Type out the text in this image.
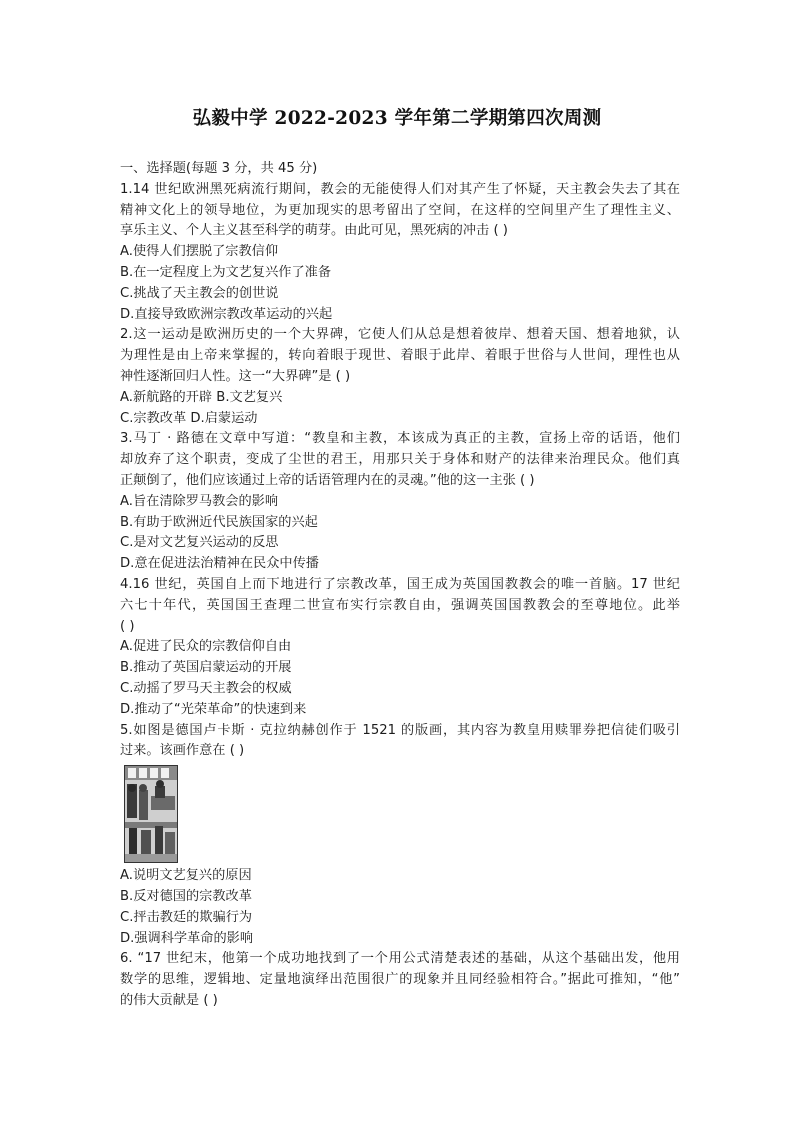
弘毅中学 2022-2023 学年第二学期第四次周测
一、选择题(每题 3 分，共 45 分)
1.14 世纪欧洲黑死病流行期间，教会的无能使得人们对其产生了怀疑，天主教会失去了其在
精神文化上的领导地位，为更加现实的思考留出了空间，在这样的空间里产生了理性主义、
享乐主义、个人主义甚至科学的萌芽。由此可见，黑死病的冲击 ( )
A.使得人们摆脱了宗教信仰
B.在一定程度上为文艺复兴作了准备
C.挑战了天主教会的创世说
D.直接导致欧洲宗教改革运动的兴起
2.这一运动是欧洲历史的一个大界碑，它使人们从总是想着彼岸、想着天国、想着地狱，认
为理性是由上帝来掌握的，转向着眼于现世、着眼于此岸、着眼于世俗与人世间，理性也从
神性逐渐回归人性。这一“大界碑”是 ( )
A.新航路的开辟 B.文艺复兴
C.宗教改革 D.启蒙运动
3.马丁 · 路德在文章中写道：“教皇和主教，本该成为真正的主教，宣扬上帝的话语，他们
却放弃了这个职责，变成了尘世的君王，用那只关于身体和财产的法律来治理民众。他们真
正颠倒了，他们应该通过上帝的话语管理内在的灵魂。”他的这一主张 ( )
A.旨在清除罗马教会的影响
B.有助于欧洲近代民族国家的兴起
C.是对文艺复兴运动的反思
D.意在促进法治精神在民众中传播
4.16 世纪，英国自上而下地进行了宗教改革，国王成为英国国教教会的唯一首脑。17 世纪
六七十年代，英国国王查理二世宣布实行宗教自由，强调英国国教教会的至尊地位。此举
( )
A.促进了民众的宗教信仰自由
B.推动了英国启蒙运动的开展
C.动摇了罗马天主教会的权威
D.推动了“光荣革命”的快速到来
5.如图是德国卢卡斯 · 克拉纳赫创作于 1521 的版画，其内容为教皇用赎罪券把信徒们吸引
过来。该画作意在 ( )
A.说明文艺复兴的原因
B.反对德国的宗教改革
C.抨击教廷的欺骗行为
D.强调科学革命的影响
6. “17 世纪末，他第一个成功地找到了一个用公式清楚表述的基础，从这个基础出发，他用
数学的思维，逻辑地、定量地演绎出范围很广的现象并且同经验相符合。”据此可推知，“他”
的伟大贡献是 ( )
